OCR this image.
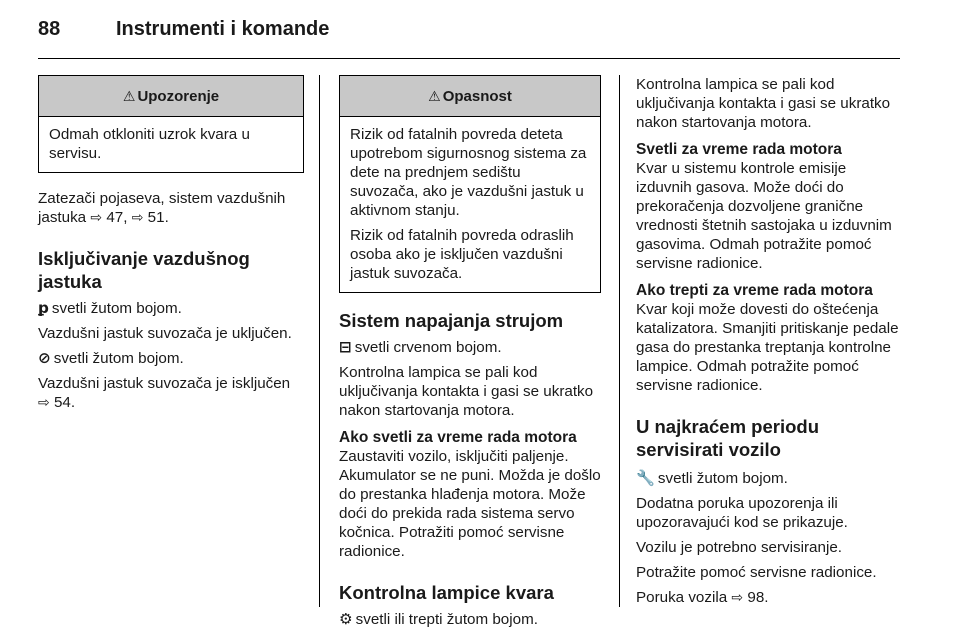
88	Instrumenti i komande
⚠ Upozorenje

Odmah otkloniti uzrok kvara u servisu.

Zatezači pojaseva, sistem vazdušnih jastuka ⇨ 47, ⇨ 51.

Isključivanje vazdušnog jastuka

ꝑ svetli žutom bojom.

Vazdušni jastuk suvozača je uključen.

⊘ svetli žutom bojom.

Vazdušni jastuk suvozača je isključen ⇨ 54.

⚠ Opasnost

Rizik od fatalnih povreda deteta upotrebom sigurnosnog sistema za dete na prednjem sedištu suvozača, ako je vazdušni jastuk u aktivnom stanju.

Rizik od fatalnih povreda odraslih osoba ako je isključen vazdušni jastuk suvozača.

Sistem napajanja strujom

⊟ svetli crvenom bojom.

Kontrolna lampica se pali kod uključivanja kontakta i gasi se ukratko nakon startovanja motora.

Ako svetli za vreme rada motora

Zaustaviti vozilo, isključiti paljenje. Akumulator se ne puni. Možda je došlo do prestanka hlađenja motora. Može doći do prekida rada sistema servo kočnica. Potražiti pomoć servisne radionice.

Kontrolna lampice kvara

⚙ svetli ili trepti žutom bojom.

Kontrolna lampica se pali kod uključivanja kontakta i gasi se ukratko nakon startovanja motora.

Svetli za vreme rada motora

Kvar u sistemu kontrole emisije izduvnih gasova. Može doći do prekoračenja dozvoljene granične vrednosti štetnih sastojaka u izduvnim gasovima. Odmah potražite pomoć servisne radionice.

Ako trepti za vreme rada motora

Kvar koji može dovesti do oštećenja katalizatora. Smanjiti pritiskanje pedale gasa do prestanka treptanja kontrolne lampice. Odmah potražite pomoć servisne radionice.

U najkraćem periodu servisirati vozilo

🔧 svetli žutom bojom.

Dodatna poruka upozorenja ili upozoravajući kod se prikazuje.

Vozilu je potrebno servisiranje.

Potražite pomoć servisne radionice.

Poruka vozila ⇨ 98.
